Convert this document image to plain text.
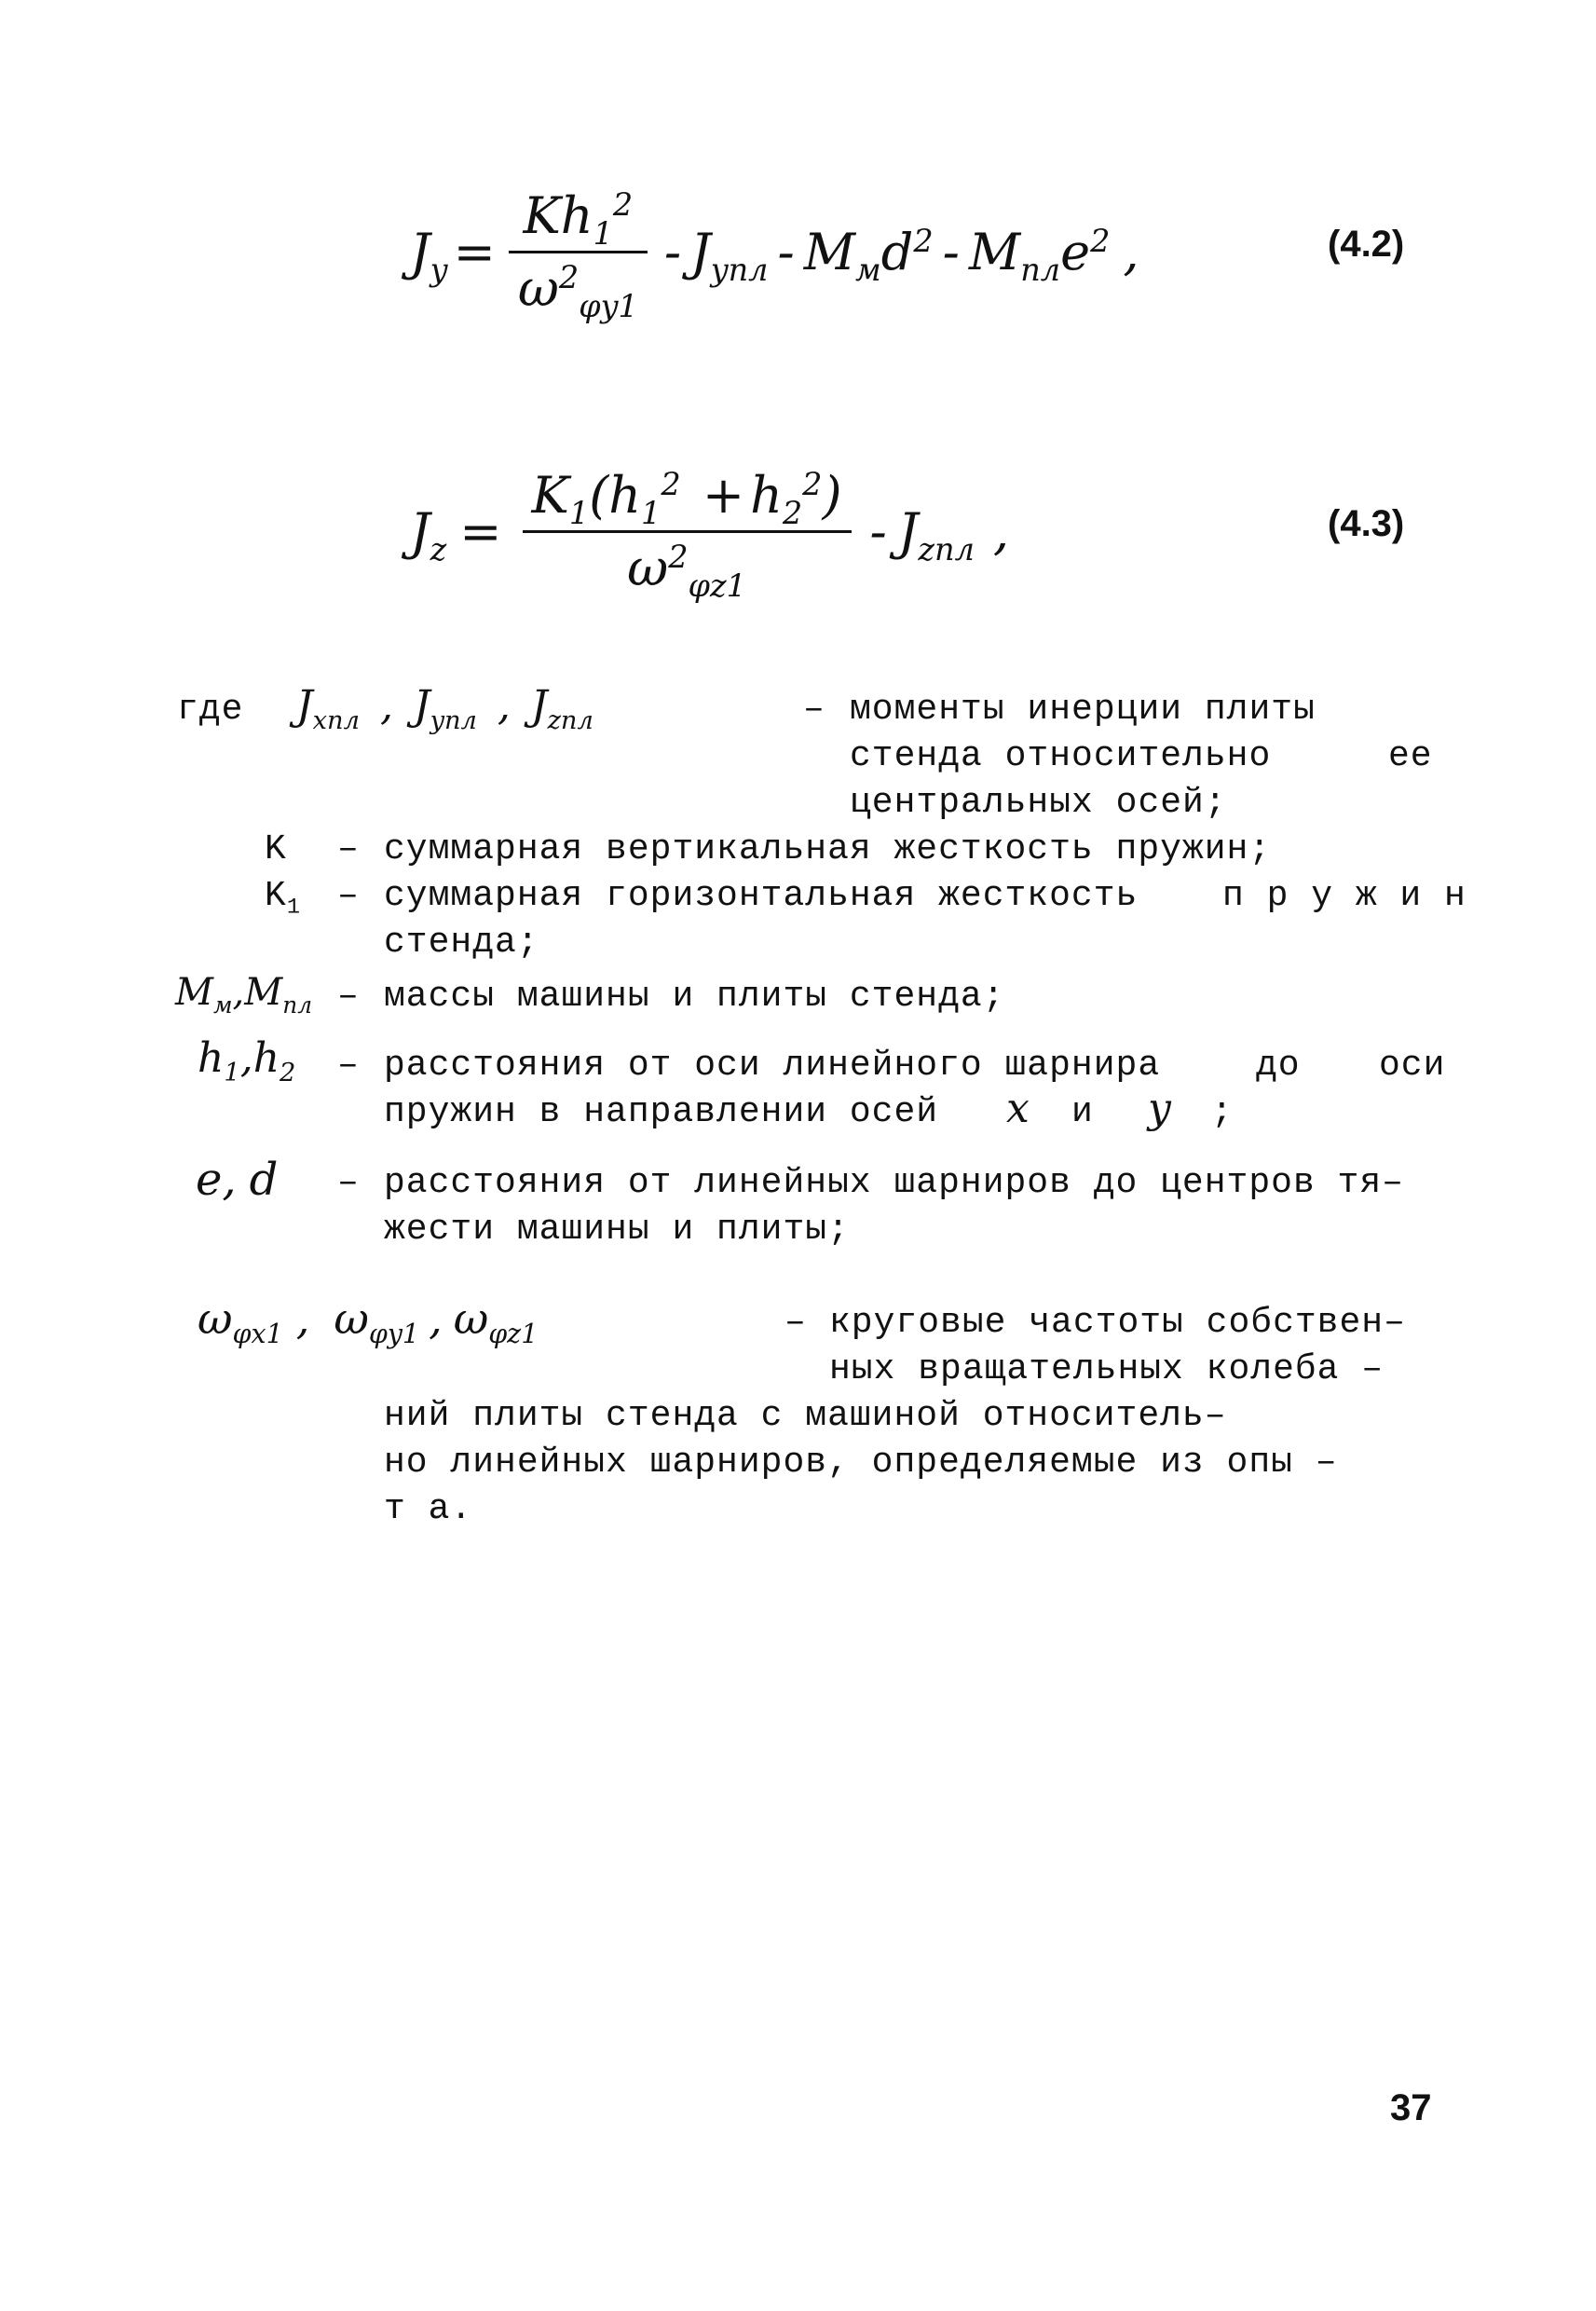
$J_y = \frac{Kh_1^2}{\omega^2_{\varphi y1}} - J_{yпл} - M_мd^2 - M_{пл}e^2$ ,	(4.2)
$J_z = \frac{K_1(h_1^2 + h_2^2)}{\omega^2_{\varphi z1}} - J_{zпл}$ ,	(4.3)
где $J_{xпл}$ , $J_{yпл}$ , $J_{zпл}$	– моменты инерции плиты
стенда относительно	ее
центральных осей;
K – суммарная вертикальная жесткость пружин;
$K_1$ – суммарная горизонтальная жесткость п р у ж и н
стенда;
$M_м,M_{пл}$ – массы машины и плиты стенда;
$h_1,h_2$ – расстояния от оси линейного шарнира	до оси
пружин в направлении осей x и y ;
e, d – расстояния от линейных шарниров до центров тя–
жести машины и плиты;
$\omega_{\varphi x1}$ , $\omega_{\varphi y1}$ , $\omega_{\varphi z1}$	– круговые частоты собствен–
ных вращательных колеба –
ний плиты стенда с машиной относитель–
но линейных шарниров, определяемые из опы –
т а.
37
